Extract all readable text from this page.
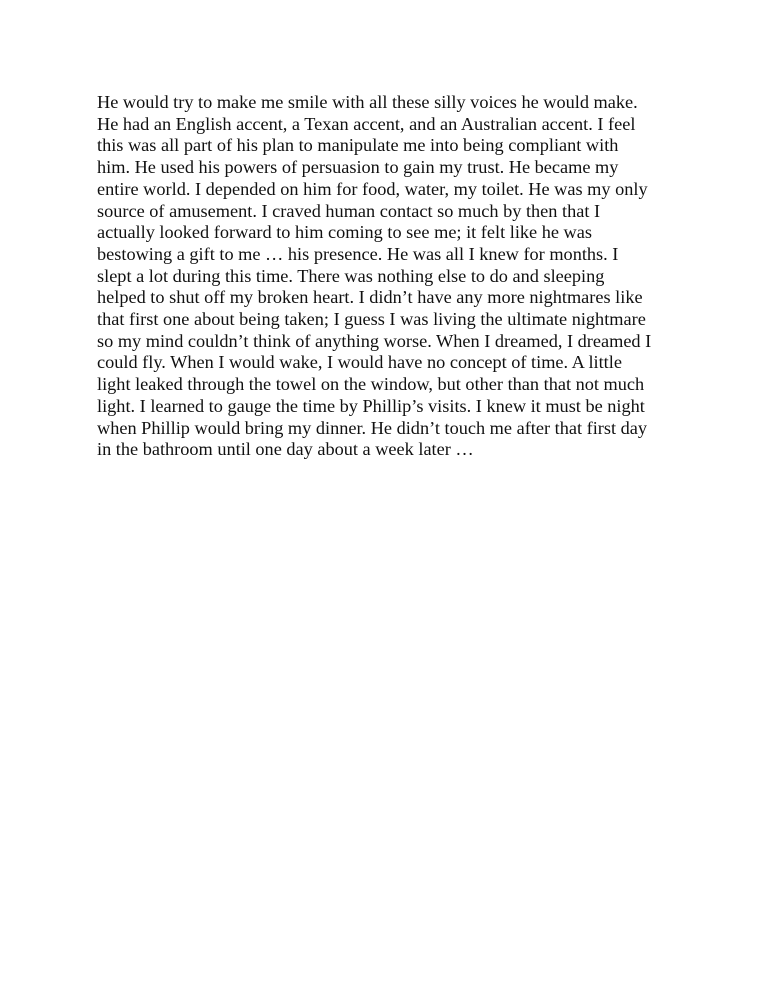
He would try to make me smile with all these silly voices he would make.
He had an English accent, a Texan accent, and an Australian accent. I feel
this was all part of his plan to manipulate me into being compliant with
him. He used his powers of persuasion to gain my trust. He became my
entire world. I depended on him for food, water, my toilet. He was my only
source of amusement. I craved human contact so much by then that I
actually looked forward to him coming to see me; it felt like he was
bestowing a gift to me … his presence. He was all I knew for months. I
slept a lot during this time. There was nothing else to do and sleeping
helped to shut off my broken heart. I didn’t have any more nightmares like
that first one about being taken; I guess I was living the ultimate nightmare
so my mind couldn’t think of anything worse. When I dreamed, I dreamed I
could fly. When I would wake, I would have no concept of time. A little
light leaked through the towel on the window, but other than that not much
light. I learned to gauge the time by Phillip’s visits. I knew it must be night
when Phillip would bring my dinner. He didn’t touch me after that first day
in the bathroom until one day about a week later …
